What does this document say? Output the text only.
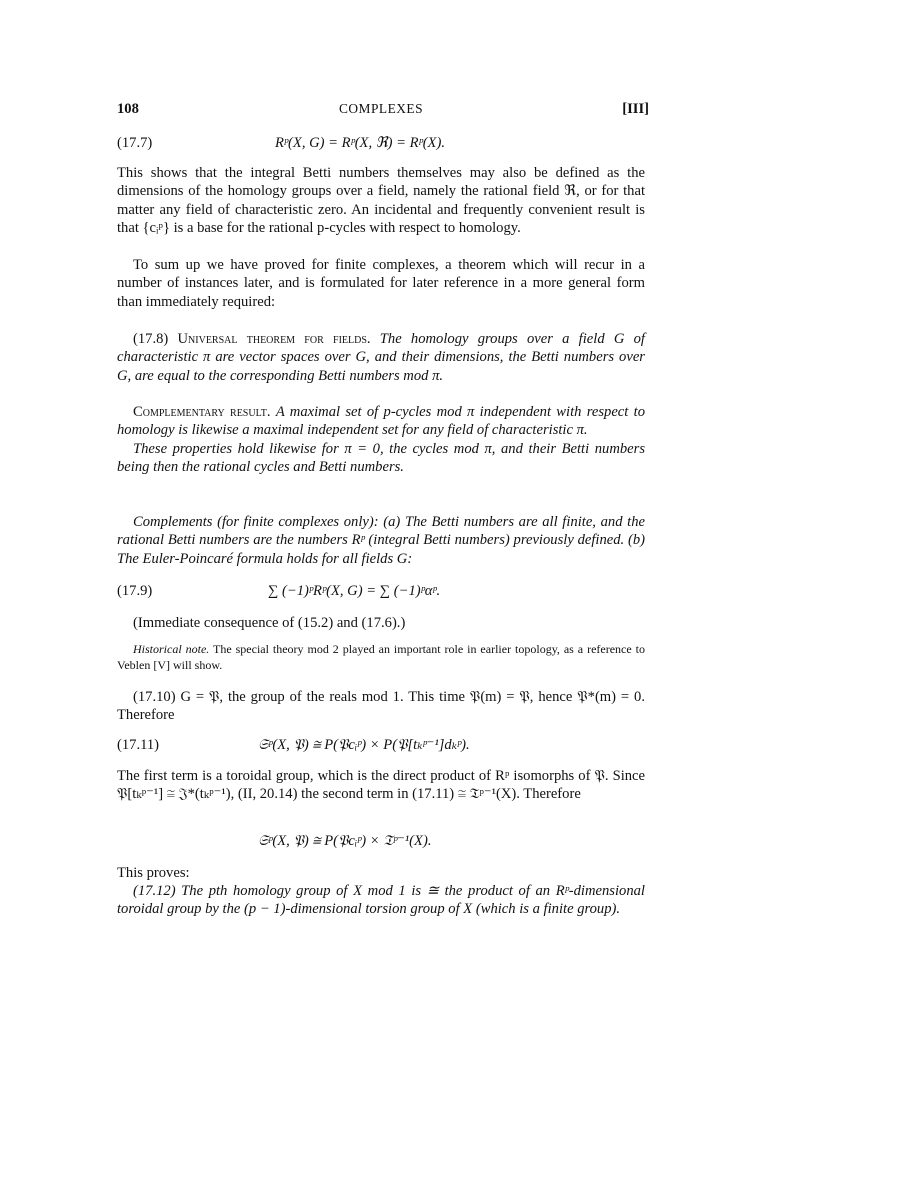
108	COMPLEXES	[III]
(17.7)	Rᵖ(X, G) = Rᵖ(X, ℜ) = Rᵖ(X).

This shows that the integral Betti numbers themselves may also be defined as the dimensions of the homology groups over a field, namely the rational field ℜ, or for that matter any field of characteristic zero. An incidental and frequently convenient result is that {cᵢᵖ} is a base for the rational p-cycles with respect to homology.

To sum up we have proved for finite complexes, a theorem which will recur in a number of instances later, and is formulated for later reference in a more general form than immediately required:

(17.8) Universal theorem for fields. The homology groups over a field G of characteristic π are vector spaces over G, and their dimensions, the Betti numbers over G, are equal to the corresponding Betti numbers mod π.

Complementary result. A maximal set of p-cycles mod π independent with respect to homology is likewise a maximal independent set for any field of characteristic π.

These properties hold likewise for π = 0, the cycles mod π, and their Betti numbers being then the rational cycles and Betti numbers.

Complements (for finite complexes only): (a) The Betti numbers are all finite, and the rational Betti numbers are the numbers Rᵖ (integral Betti numbers) previously defined. (b) The Euler-Poincaré formula holds for all fields G:

(17.9)	∑ (−1)ᵖRᵖ(X, G) = ∑ (−1)ᵖαᵖ.

(Immediate consequence of (15.2) and (17.6).)

Historical note. The special theory mod 2 played an important role in earlier topology, as a reference to Veblen [V] will show.

(17.10) G = 𝔓, the group of the reals mod 1. This time 𝔓(m) = 𝔓, hence 𝔓*(m) = 0. Therefore

(17.11)	𝔖ᵖ(X, 𝔓) ≅ P(𝔓cᵢᵖ) × P(𝔓[tₖᵖ⁻¹]dₖᵖ).

The first term is a toroidal group, which is the direct product of Rᵖ isomorphs of 𝔓. Since 𝔓[tₖᵖ⁻¹] ≅ 𝔍*(tₖᵖ⁻¹), (II, 20.14) the second term in (17.11) ≅ 𝔗ᵖ⁻¹(X). Therefore

𝔖ᵖ(X, 𝔓) ≅ P(𝔓cᵢᵖ) × 𝔗ᵖ⁻¹(X).

This proves:

(17.12) The pth homology group of X mod 1 is ≅ the product of an Rᵖ-dimensional toroidal group by the (p − 1)-dimensional torsion group of X (which is a finite group).
